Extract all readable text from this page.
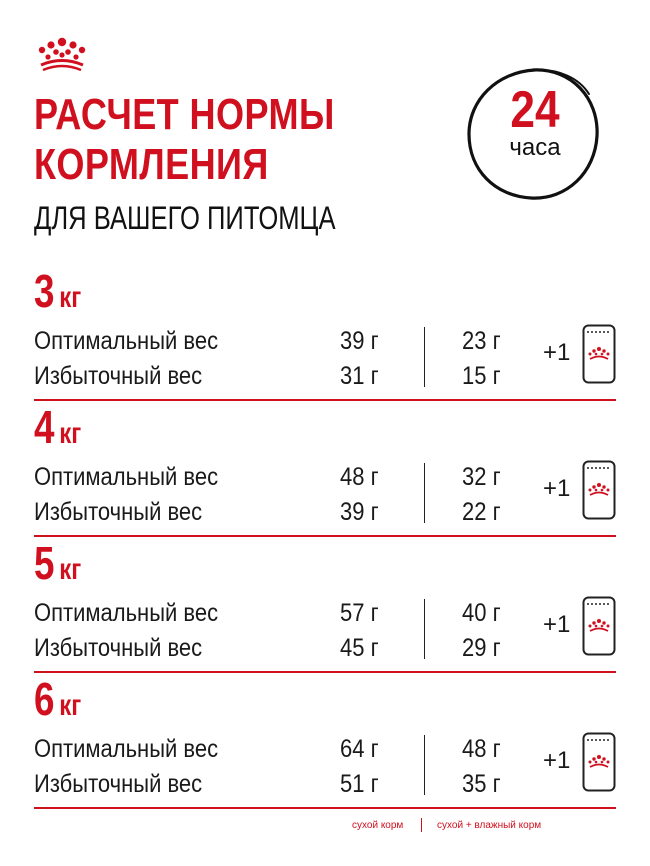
РАСЧЕТ НОРМЫ
КОРМЛЕНИЯ

ДЛЯ ВАШЕГО ПИТОМЦА

24
часа
3 кг
Оптимальный вес	39 г	23 г
Избыточный вес	31 г	15 г
+1
4 кг
Оптимальный вес	48 г	32 г
Избыточный вес	39 г	22 г
+1
5 кг
Оптимальный вес	57 г	40 г
Избыточный вес	45 г	29 г
+1
6 кг
Оптимальный вес	64 г	48 г
Избыточный вес	51 г	35 г
+1
сухой корм	сухой + влажный корм
